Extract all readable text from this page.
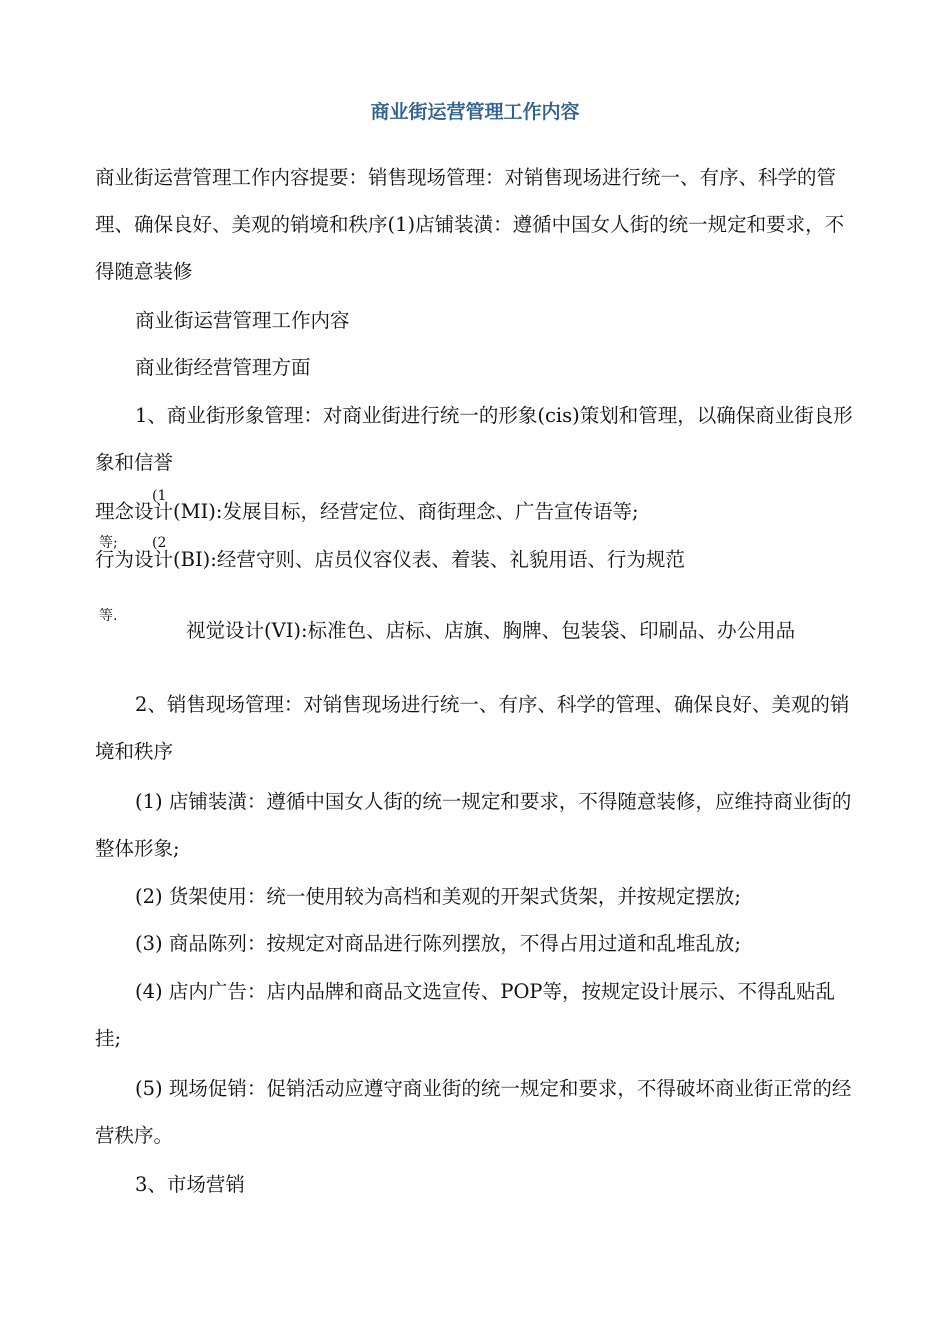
商业街运营管理工作内容

商业街运营管理工作内容提要：销售现场管理：对销售现场进行统一、有序、科学的管理、确保良好、美观的销境和秩序(1)店铺装潢：遵循中国女人街的统一规定和要求，不得随意装修

商业街运营管理工作内容

商业街经营管理方面

1、商业街形象管理：对商业街进行统一的形象(cis)策划和管理，以确保商业街良形象和信誉

(1
理念设计(MI):发展目标，经营定位、商街理念、广告宣传语等;
等; (2
行为设计(BI):经营守则、店员仪容仪表、着装、礼貌用语、行为规范
等.
视觉设计(VI):标准色、店标、店旗、胸牌、包装袋、印刷品、办公用品

2、销售现场管理：对销售现场进行统一、有序、科学的管理、确保良好、美观的销境和秩序

(1) 店铺装潢：遵循中国女人街的统一规定和要求，不得随意装修，应维持商业街的整体形象;

(2) 货架使用：统一使用较为高档和美观的开架式货架，并按规定摆放;

(3) 商品陈列：按规定对商品进行陈列摆放，不得占用过道和乱堆乱放;

(4) 店内广告：店内品牌和商品文选宣传、POP等，按规定设计展示、不得乱贴乱挂;

(5) 现场促销：促销活动应遵守商业街的统一规定和要求，不得破坏商业街正常的经营秩序。

3、市场营销
